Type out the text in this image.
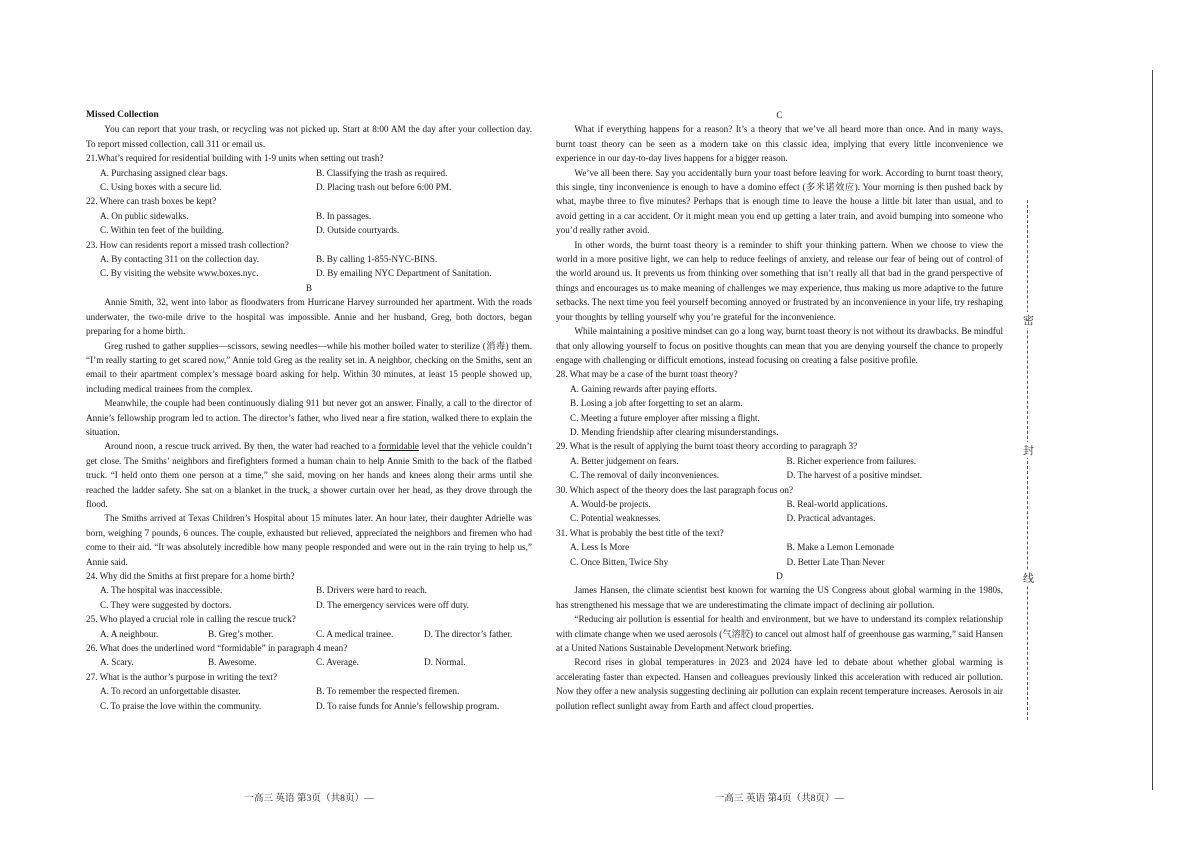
Missed Collection

You can report that your trash, or recycling was not picked up. Start at 8:00 AM the day after your collection day. To report missed collection, call 311 or email us.

21.What’s required for residential building with 1-9 units when setting out trash?

A. Purchasing assigned clear bags.	B. Classifying the trash as required.
C. Using boxes with a secure lid.	D. Placing trash out before 6:00 PM.

22. Where can trash boxes be kept?

A. On public sidewalks.	B. In passages.
C. Within ten feet of the building.	D. Outside courtyards.

23. How can residents report a missed trash collection?

A. By contacting 311 on the collection day.	B. By calling 1-855-NYC-BINS.
C. By visiting the website www.boxes.nyc.	D. By emailing NYC Department of Sanitation.
B

Annie Smith, 32, went into labor as floodwaters from Hurricane Harvey surrounded her apartment. With the roads underwater, the two-mile drive to the hospital was impossible. Annie and her husband, Greg, both doctors, began preparing for a home birth.

Greg rushed to gather supplies—scissors, sewing needles—while his mother boiled water to sterilize (消毒) them. “I’m really starting to get scared now,” Annie told Greg as the reality set in. A neighbor, checking on the Smiths, sent an email to their apartment complex’s message board asking for help. Within 30 minutes, at least 15 people showed up, including medical trainees from the complex.

Meanwhile, the couple had been continuously dialing 911 but never got an answer. Finally, a call to the director of Annie’s fellowship program led to action. The director’s father, who lived near a fire station, walked there to explain the situation.

Around noon, a rescue truck arrived. By then, the water had reached to a formidable level that the vehicle couldn’t get close. The Smiths’ neighbors and firefighters formed a human chain to help Annie Smith to the back of the flatbed truck. “I held onto them one person at a time,” she said, moving on her hands and knees along their arms until she reached the ladder safety. She sat on a blanket in the truck, a shower curtain over her head, as they drove through the flood.

The Smiths arrived at Texas Children’s Hospital about 15 minutes later. An hour later, their daughter Adrielle was born, weighing 7 pounds, 6 ounces. The couple, exhausted but relieved, appreciated the neighbors and firemen who had come to their aid. “It was absolutely incredible how many people responded and were out in the rain trying to help us,” Annie said.

24. Why did the Smiths at first prepare for a home birth?

A. The hospital was inaccessible.	B. Drivers were hard to reach.
C. They were suggested by doctors.	D. The emergency services were off duty.

25. Who played a crucial role in calling the rescue truck?

A. A neighbour.	B. Greg’s mother.	C. A medical trainee.	D. The director’s father.

26. What does the underlined word “formidable” in paragraph 4 mean?

A. Scary.	B. Awesome.	C. Average.	D. Normal.

27. What is the author’s purpose in writing the text?

A. To record an unforgettable disaster.	B. To remember the respected firemen.
C. To praise the love within the community.	D. To raise funds for Annie’s fellowship program.
一高三 英语 第3页（共8页）—
C

What if everything happens for a reason? It’s a theory that we’ve all heard more than once. And in many ways, burnt toast theory can be seen as a modern take on this classic idea, implying that every little inconvenience we experience in our day-to-day lives happens for a bigger reason.

We’ve all been there. Say you accidentally burn your toast before leaving for work. According to burnt toast theory, this single, tiny inconvenience is enough to have a domino effect (多米诺效应). Your morning is then pushed back by what, maybe three to five minutes? Perhaps that is enough time to leave the house a little bit later than usual, and to avoid getting in a car accident. Or it might mean you end up getting a later train, and avoid bumping into someone who you’d really rather avoid.

In other words, the burnt toast theory is a reminder to shift your thinking pattern. When we choose to view the world in a more positive light, we can help to reduce feelings of anxiety, and release our fear of being out of control of the world around us. It prevents us from thinking over something that isn’t really all that bad in the grand perspective of things and encourages us to make meaning of challenges we may experience, thus making us more adaptive to the future setbacks. The next time you feel yourself becoming annoyed or frustrated by an inconvenience in your life, try reshaping your thoughts by telling yourself why you’re grateful for the inconvenience.

While maintaining a positive mindset can go a long way, burnt toast theory is not without its drawbacks. Be mindful that only allowing yourself to focus on positive thoughts can mean that you are denying yourself the chance to properly engage with challenging or difficult emotions, instead focusing on creating a false positive profile.

28. What may be a case of the burnt toast theory?

A. Gaining rewards after paying efforts.
B. Losing a job after forgetting to set an alarm.
C. Meeting a future employer after missing a flight.
D. Mending friendship after clearing misunderstandings.

29. What is the result of applying the burnt toast theory according to paragraph 3?

A. Better judgement on fears.	B. Richer experience from failures.
C. The removal of daily inconveniences.	D. The harvest of a positive mindset.

30. Which aspect of the theory does the last paragraph focus on?

A. Would-be projects.	B. Real-world applications.
C. Potential weaknesses.	D. Practical advantages.

31. What is probably the best title of the text?

A. Less Is More	B. Make a Lemon Lemonade
C. Once Bitten, Twice Shy	D. Better Late Than Never
D

James Hansen, the climate scientist best known for warning the US Congress about global warming in the 1980s, has strengthened his message that we are underestimating the climate impact of declining air pollution.

“Reducing air pollution is essential for health and environment, but we have to understand its complex relationship with climate change when we used aerosols (气溶胶) to cancel out almost half of greenhouse gas warming,” said Hansen at a United Nations Sustainable Development Network briefing.

Record rises in global temperatures in 2023 and 2024 have led to debate about whether global warming is accelerating faster than expected. Hansen and colleagues previously linked this acceleration with reduced air pollution. Now they offer a new analysis suggesting declining air pollution can explain recent temperature increases. Aerosols in air pollution reflect sunlight away from Earth and affect cloud properties.

一高三 英语 第4页（共8页）—
密
封
线
